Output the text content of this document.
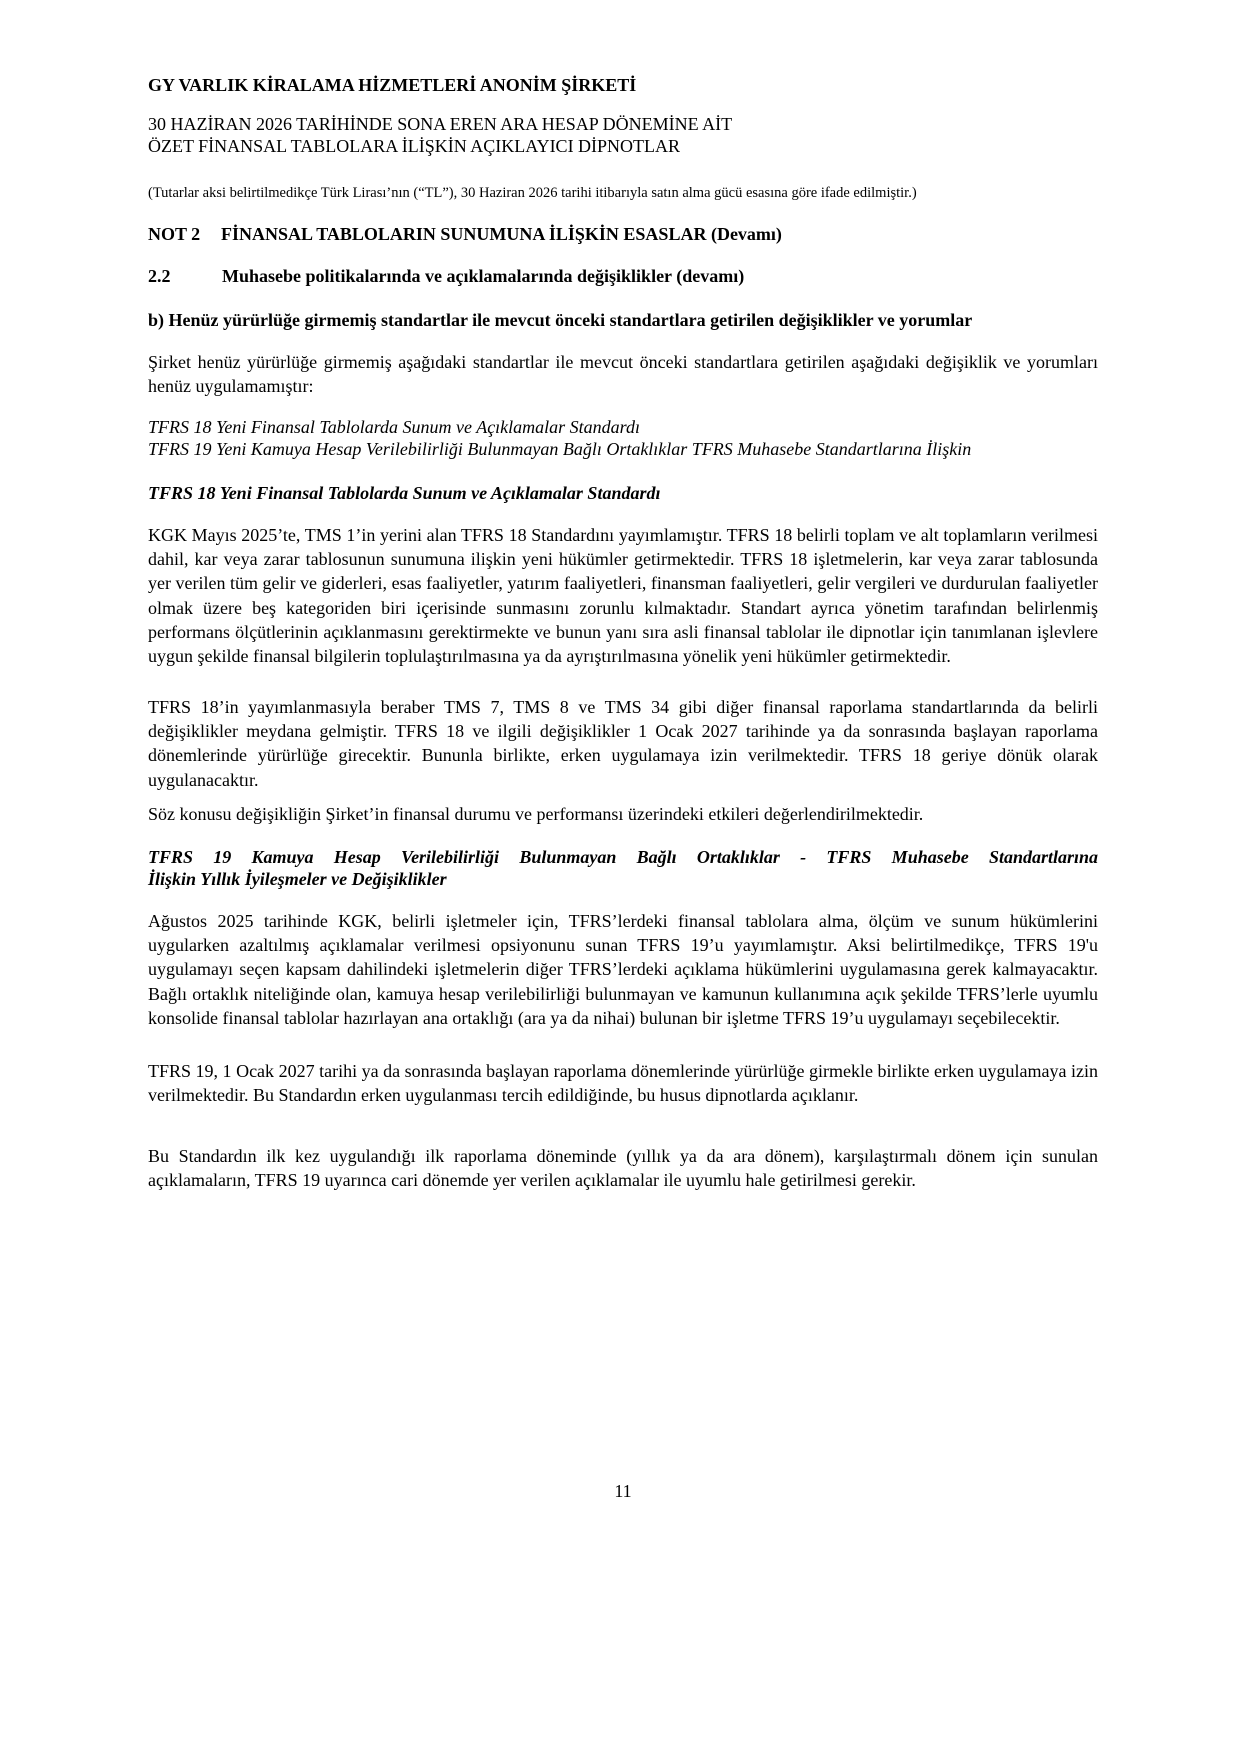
GY VARLIK KİRALAMA HİZMETLERİ ANONİM ŞİRKETİ
30 HAZİRAN 2026 TARİHİNDE SONA EREN ARA HESAP DÖNEMİNE AİT
ÖZET FİNANSAL TABLOLARA İLİŞKİN AÇIKLAYICI DİPNOTLAR
(Tutarlar aksi belirtilmedikçe Türk Lirası’nın (“TL”), 30 Haziran 2026 tarihi itibarıyla satın alma gücü esasına göre ifade edilmiştir.)
NOT 2 FİNANSAL TABLOLARIN SUNUMUNA İLİŞKİN ESASLAR (Devamı)
2.2	Muhasebe politikalarında ve açıklamalarında değişiklikler (devamı)
b) Henüz yürürlüğe girmemiş standartlar ile mevcut önceki standartlara getirilen değişiklikler ve yorumlar
Şirket henüz yürürlüğe girmemiş aşağıdaki standartlar ile mevcut önceki standartlara getirilen aşağıdaki değişiklik ve yorumları henüz uygulamamıştır:
TFRS 18 Yeni Finansal Tablolarda Sunum ve Açıklamalar Standardı
TFRS 19 Yeni Kamuya Hesap Verilebilirliği Bulunmayan Bağlı Ortaklıklar TFRS Muhasebe Standartlarına İlişkin
TFRS 18 Yeni Finansal Tablolarda Sunum ve Açıklamalar Standardı
KGK Mayıs 2025’te, TMS 1’in yerini alan TFRS 18 Standardını yayımlamıştır. TFRS 18 belirli toplam ve alt toplamların verilmesi dahil, kar veya zarar tablosunun sunumuna ilişkin yeni hükümler getirmektedir. TFRS 18 işletmelerin, kar veya zarar tablosunda yer verilen tüm gelir ve giderleri, esas faaliyetler, yatırım faaliyetleri, finansman faaliyetleri, gelir vergileri ve durdurulan faaliyetler olmak üzere beş kategoriden biri içerisinde sunmasını zorunlu kılmaktadır. Standart ayrıca yönetim tarafından belirlenmiş performans ölçütlerinin açıklanmasını gerektirmekte ve bunun yanı sıra asli finansal tablolar ile dipnotlar için tanımlanan işlevlere uygun şekilde finansal bilgilerin toplulaştırılmasına ya da ayrıştırılmasına yönelik yeni hükümler getirmektedir.
TFRS 18’in yayımlanmasıyla beraber TMS 7, TMS 8 ve TMS 34 gibi diğer finansal raporlama standartlarında da belirli değişiklikler meydana gelmiştir. TFRS 18 ve ilgili değişiklikler 1 Ocak 2027 tarihinde ya da sonrasında başlayan raporlama dönemlerinde yürürlüğe girecektir. Bununla birlikte, erken uygulamaya izin verilmektedir. TFRS 18 geriye dönük olarak uygulanacaktır.
Söz konusu değişikliğin Şirket’in finansal durumu ve performansı üzerindeki etkileri değerlendirilmektedir.
TFRS 19 Kamuya Hesap Verilebilirliği Bulunmayan Bağlı Ortaklıklar - TFRS Muhasebe Standartlarına
İlişkin Yıllık İyileşmeler ve Değişiklikler
Ağustos 2025 tarihinde KGK, belirli işletmeler için, TFRS’lerdeki finansal tablolara alma, ölçüm ve sunum hükümlerini uygularken azaltılmış açıklamalar verilmesi opsiyonunu sunan TFRS 19’u yayımlamıştır. Aksi belirtilmedikçe, TFRS 19'u uygulamayı seçen kapsam dahilindeki işletmelerin diğer TFRS’lerdeki açıklama hükümlerini uygulamasına gerek kalmayacaktır. Bağlı ortaklık niteliğinde olan, kamuya hesap verilebilirliği bulunmayan ve kamunun kullanımına açık şekilde TFRS’lerle uyumlu konsolide finansal tablolar hazırlayan ana ortaklığı (ara ya da nihai) bulunan bir işletme TFRS 19’u uygulamayı seçebilecektir.
TFRS 19, 1 Ocak 2027 tarihi ya da sonrasında başlayan raporlama dönemlerinde yürürlüğe girmekle birlikte erken uygulamaya izin verilmektedir. Bu Standardın erken uygulanması tercih edildiğinde, bu husus dipnotlarda açıklanır.
Bu Standardın ilk kez uygulandığı ilk raporlama döneminde (yıllık ya da ara dönem), karşılaştırmalı dönem için sunulan açıklamaların, TFRS 19 uyarınca cari dönemde yer verilen açıklamalar ile uyumlu hale getirilmesi gerekir.
11
